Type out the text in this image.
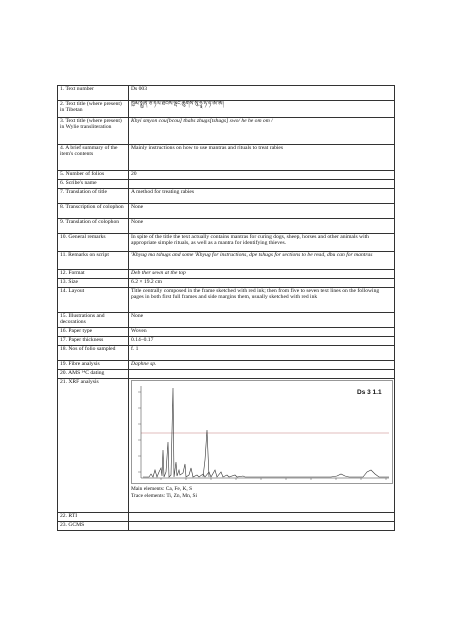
1. Text number	Ds 003
2. Text title (where present) in Tibetan	ཁྱིམ་སྨྱོན་ཅ་ཏོལ་ཐབས་ལྡང་ཚུགས་སུ་ཧྲཱ་ཧེ་ཧེ་ཨོ་ཨོ།
3. Text title (where present) in Wylie transliteration	Khyi smyon cou[bcou] thabs zhugs[tshugs] swo/ he he om om /
4. A brief summary of the item's contents	Mainly instructions on how to use mantras and rituals to treat rabies
5. Number of folios	20
6. Scribe's name	
7. Translation of title	A method for treating rabies
8. Transcription of colophon	None
9. Translation of colophon	None
10. General remarks	In spite of the title the text actually contains mantras for curing dogs, sheep, horses and other animals with appropriate simple rituals, as well as a mantra for identifying thieves.
11. Remarks on script	'Khyug ma tshugs and some 'Khyug for instructions, dpe tshugs for sections to be read, dbu can for mantras
12. Format	Deb ther sewn at the top
13. Size	6.2 × 19.2 cm
14. Layout	Title centrally composed in the frame sketched with red ink; then from five to seven text lines on the following pages in both first full frames and side margins them, usually sketched with red ink
15. Illustrations and decorations	None
16. Paper type	Woven
17. Paper thickness	0.14–0.17
18. Nos of folio sampled	f. 1
19. Fibre analysis	Daphne sp.
20. AMS ¹⁴C dating	
21. XRF analysis	Ds 3 1.1
Main elements: Ca, Fe, K, S
Trace elements: Ti, Zn, Mn, Si

22. RTI	
23. GCMS	
